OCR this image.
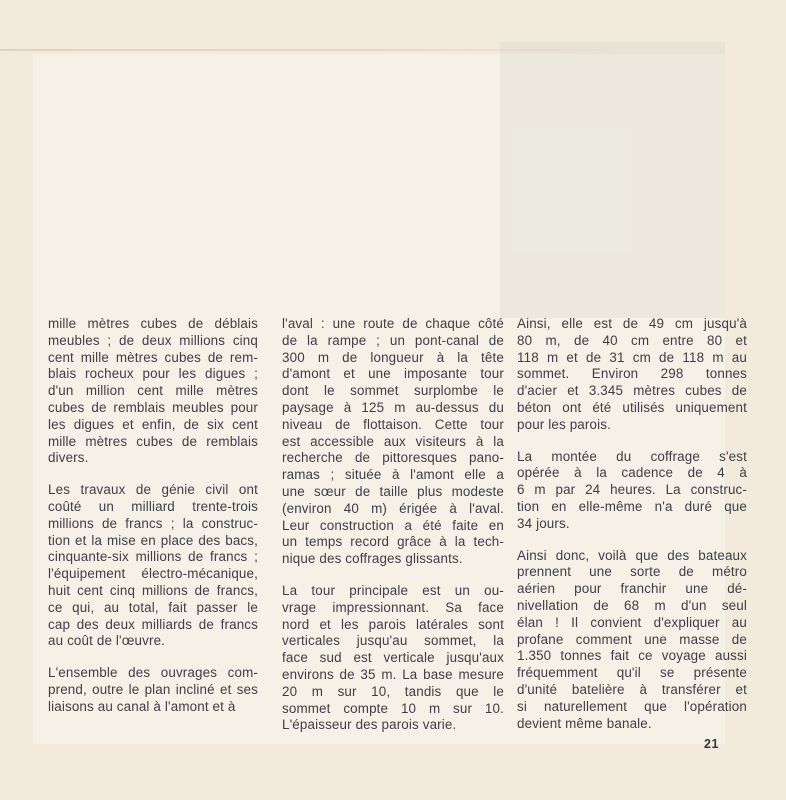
mille mètres cubes de déblais
meubles ; de deux millions cinq
cent mille mètres cubes de rem-
blais rocheux pour les digues ;
d'un million cent mille mètres
cubes de remblais meubles pour
les digues et enfin, de six cent
mille mètres cubes de remblais
divers.
Les travaux de génie civil ont
coûté un milliard trente-trois
millions de francs ; la construc-
tion et la mise en place des bacs,
cinquante-six millions de francs ;
l'équipement électro-mécanique,
huit cent cinq millions de francs,
ce qui, au total, fait passer le
cap des deux milliards de francs
au coût de l'œuvre.
L'ensemble des ouvrages com-
prend, outre le plan incliné et ses
liaisons au canal à l'amont et à
l'aval : une route de chaque côté
de la rampe ; un pont-canal de
300 m de longueur à la tête
d'amont et une imposante tour
dont le sommet surplombe le
paysage à 125 m au-dessus du
niveau de flottaison. Cette tour
est accessible aux visiteurs à la
recherche de pittoresques pano-
ramas ; située à l'amont elle a
une sœur de taille plus modeste
(environ 40 m) érigée à l'aval.
Leur construction a été faite en
un temps record grâce à la tech-
nique des coffrages glissants.
La tour principale est un ou-
vrage impressionnant. Sa face
nord et les parois latérales sont
verticales jusqu'au sommet, la
face sud est verticale jusqu'aux
environs de 35 m. La base mesure
20 m sur 10, tandis que le
sommet compte 10 m sur 10.
L'épaisseur des parois varie.
Ainsi, elle est de 49 cm jusqu'à
80 m, de 40 cm entre 80 et
118 m et de 31 cm de 118 m au
sommet. Environ 298 tonnes
d'acier et 3.345 mètres cubes de
béton ont été utilisés uniquement
pour les parois.
La montée du coffrage s'est
opérée à la cadence de 4 à
6 m par 24 heures. La construc-
tion en elle-même n'a duré que
34 jours.
Ainsi donc, voilà que des bateaux
prennent une sorte de métro
aérien pour franchir une dé-
nivellation de 68 m d'un seul
élan ! Il convient d'expliquer au
profane comment une masse de
1.350 tonnes fait ce voyage aussi
fréquemment qu'il se présente
d'unité batelière à transférer et
si naturellement que l'opération
devient même banale.
21
